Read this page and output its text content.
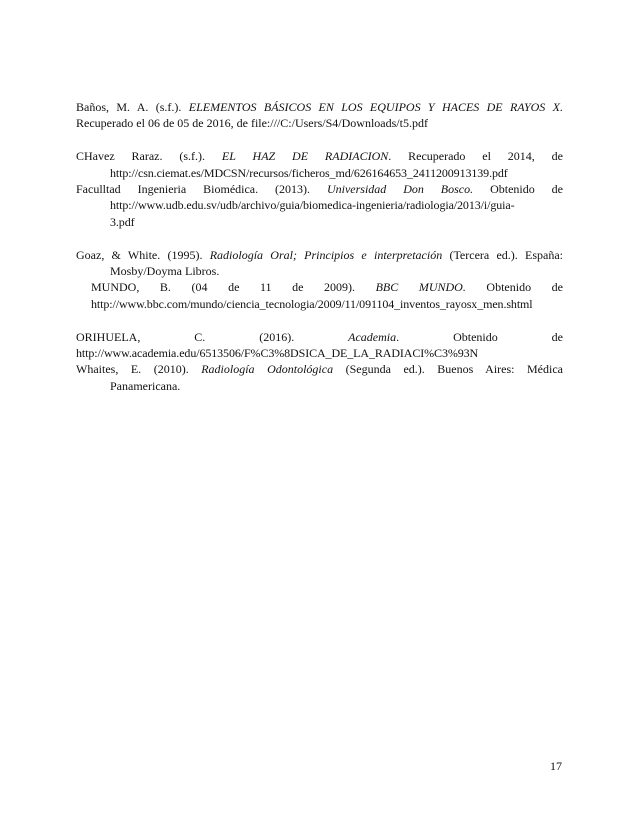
Baños, M. A. (s.f.). ELEMENTOS BÁSICOS EN LOS EQUIPOS Y HACES DE RAYOS X.
Recuperado el 06 de 05 de 2016, de file:///C:/Users/S4/Downloads/t5.pdf
CHavez Raraz. (s.f.). EL HAZ DE RADIACION. Recuperado el 2014, de
http://csn.ciemat.es/MDCSN/recursos/ficheros_md/626164653_2411200913139.pdf
Faculltad Ingenieria Biomédica. (2013). Universidad Don Bosco. Obtenido de
http://www.udb.edu.sv/udb/archivo/guia/biomedica-ingenieria/radiologia/2013/i/guia-
3.pdf
Goaz, & White. (1995). Radiología Oral; Principios e interpretación (Tercera ed.). España:
Mosby/Doyma Libros.
MUNDO, B. (04 de 11 de 2009). BBC MUNDO. Obtenido de
http://www.bbc.com/mundo/ciencia_tecnologia/2009/11/091104_inventos_rayosx_men.shtml
ORIHUELA, C. (2016). Academia. Obtenido de
http://www.academia.edu/6513506/F%C3%8DSICA_DE_LA_RADIACI%C3%93N
Whaites, E. (2010). Radiología Odontológica (Segunda ed.). Buenos Aires: Médica
Panamericana.
17
